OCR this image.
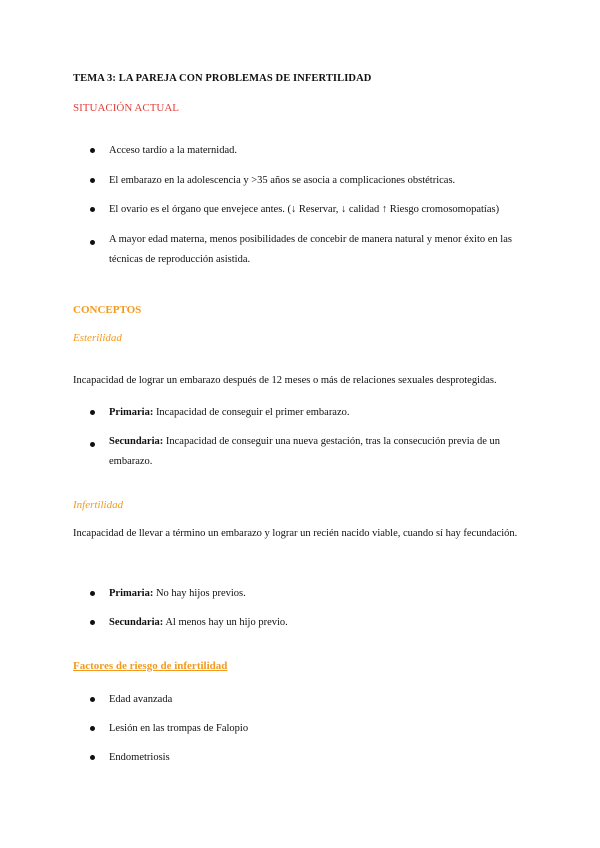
TEMA 3: LA PAREJA CON PROBLEMAS DE INFERTILIDAD
SITUACIÓN ACTUAL
Acceso tardío a la maternidad.
El embarazo en la adolescencia y >35 años se asocia a complicaciones obstétricas.
El ovario es el órgano que envejece antes. (↓ Reservar, ↓ calidad ↑ Riesgo cromosomopatías)
A mayor edad materna, menos posibilidades de concebir de manera natural y menor éxito en las técnicas de reproducción asistida.
CONCEPTOS
Esterilidad
Incapacidad de lograr un embarazo después de 12 meses o más de relaciones sexuales desprotegidas.
Primaria: Incapacidad de conseguir el primer embarazo.
Secundaria: Incapacidad de conseguir una nueva gestación, tras la consecución previa de un embarazo.
Infertilidad
Incapacidad de llevar a término un embarazo y lograr un recién nacido viable, cuando sí hay fecundación.
Primaria: No hay hijos previos.
Secundaria: Al menos hay un hijo previo.
Factores de riesgo de infertilidad
Edad avanzada
Lesión en las trompas de Falopio
Endometriosis
